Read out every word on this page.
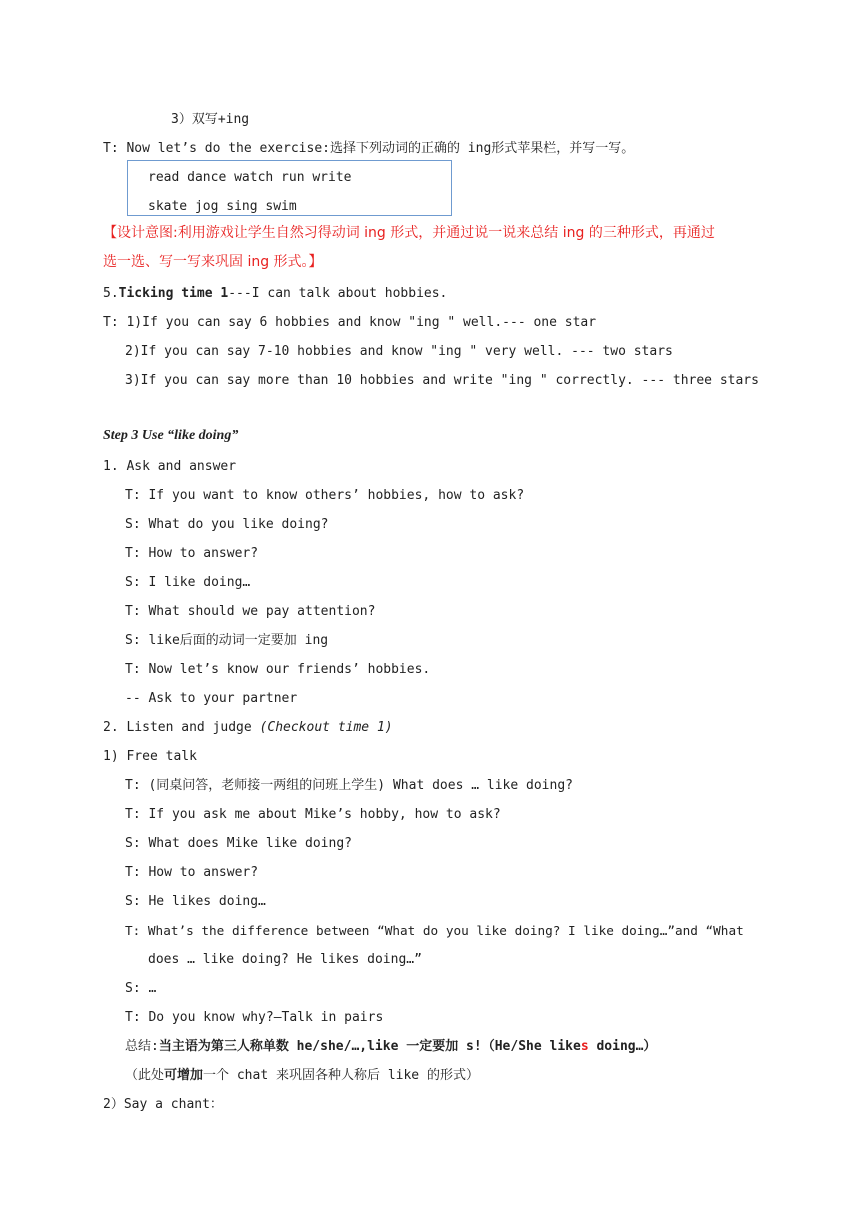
3）双写+ing
T: Now let’s do the exercise:选择下列动词的正确的 ing形式苹果栏，并写一写。
read dance watch run write
skate jog sing swim
【设计意图:利用游戏让学生自然习得动词 ing 形式，并通过说一说来总结 ing 的三种形式，再通过
选一选、写一写来巩固 ing 形式。】
5.Ticking time 1---I can talk about hobbies.
T: 1)If you can say 6 hobbies and know "ing " well.--- one star
2)If you can say 7-10 hobbies and know "ing " very well. --- two stars
3)If you can say more than 10 hobbies and write "ing " correctly. --- three stars
Step 3 Use “like doing”
1. Ask and answer
T: If you want to know others’ hobbies, how to ask?
S: What do you like doing?
T: How to answer?
S: I like doing…
T: What should we pay attention?
S: like后面的动词一定要加 ing
T: Now let’s know our friends’ hobbies.
-- Ask to your partner
2. Listen and judge (Checkout time 1)
1) Free talk
T: (同桌问答，老师接一两组的问班上学生) What does … like doing?
T: If you ask me about Mike’s hobby, how to ask?
S: What does Mike like doing?
T: How to answer?
S: He likes doing…
T: What’s the difference between “What do you like doing? I like doing…”and “What
does … like doing? He likes doing…”
S: …
T: Do you know why?—Talk in pairs
总结:当主语为第三人称单数 he/she/…,like 一定要加 s!（He/She likes doing…）
（此处可增加一个 chat 来巩固各种人称后 like 的形式）
2）Say a chant：
